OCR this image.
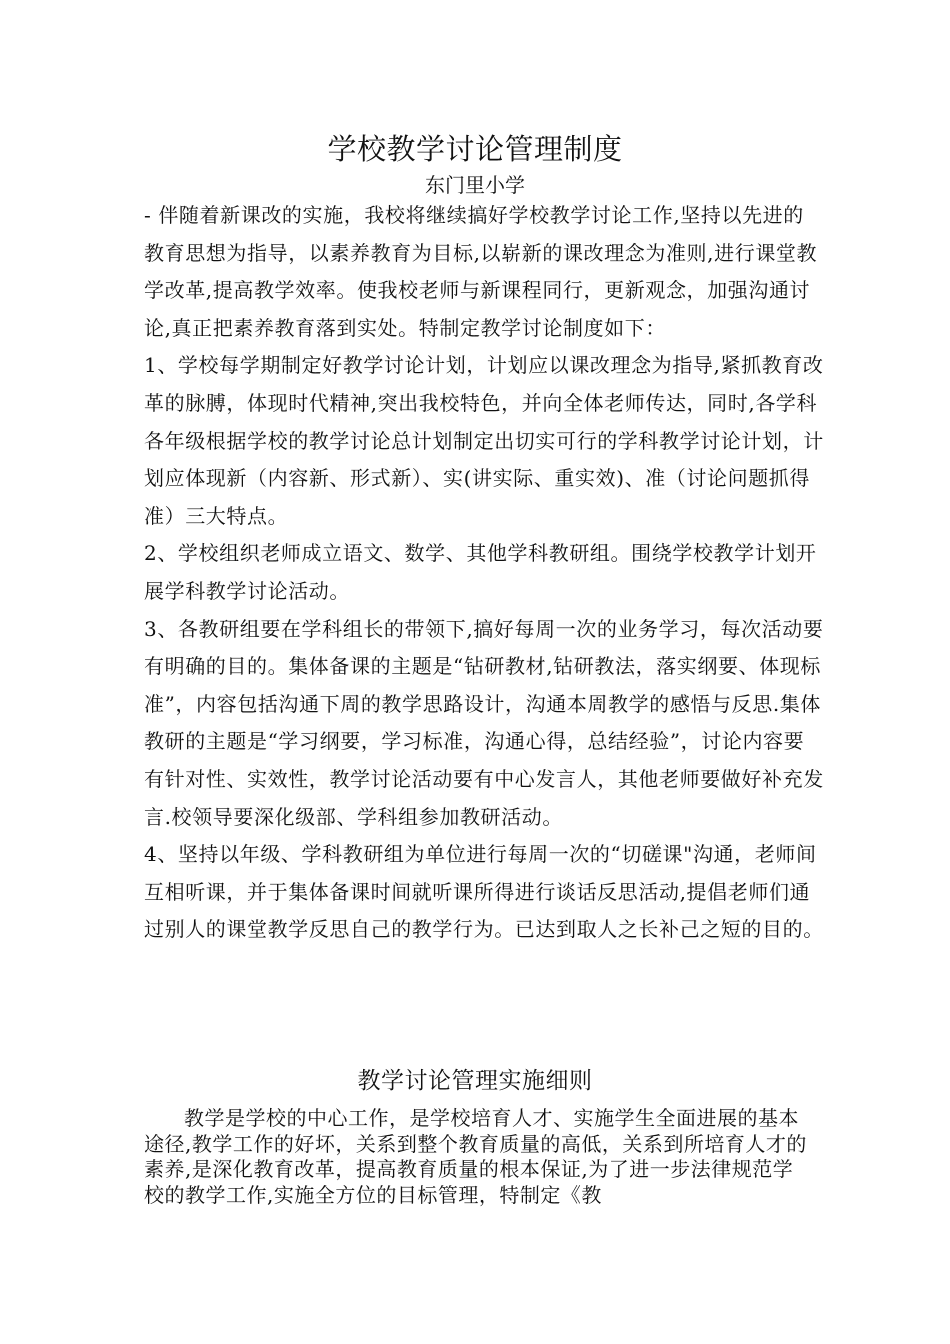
学校教学讨论管理制度
东门里小学

- 伴随着新课改的实施，我校将继续搞好学校教学讨论工作,坚持以先进的教育思想为指导，以素养教育为目标,以崭新的课改理念为准则,进行课堂教学改革,提高教学效率。使我校老师与新课程同行，更新观念，加强沟通讨论,真正把素养教育落到实处。特制定教学讨论制度如下：

1、学校每学期制定好教学讨论计划，计划应以课改理念为指导,紧抓教育改革的脉膊，体现时代精神,突出我校特色，并向全体老师传达，同时,各学科各年级根据学校的教学讨论总计划制定出切实可行的学科教学讨论计划，计划应体现新（内容新、形式新）、实(讲实际、重实效)、准（讨论问题抓得准）三大特点。

2、学校组织老师成立语文、数学、其他学科教研组。围绕学校教学计划开展学科教学讨论活动。

3、各教研组要在学科组长的带领下,搞好每周一次的业务学习，每次活动要有明确的目的。集体备课的主题是“钻研教材,钻研教法，落实纲要、体现标准”，内容包括沟通下周的教学思路设计，沟通本周教学的感悟与反思.集体教研的主题是“学习纲要，学习标准，沟通心得，总结经验”，讨论内容要有针对性、实效性，教学讨论活动要有中心发言人，其他老师要做好补充发言.校领导要深化级部、学科组参加教研活动。

4、坚持以年级、学科教研组为单位进行每周一次的“切磋课"沟通，老师间互相听课，并于集体备课时间就听课所得进行谈话反思活动,提倡老师们通过别人的课堂教学反思自己的教学行为。已达到取人之长补己之短的目的。

教学讨论管理实施细则

教学是学校的中心工作，是学校培育人才、实施学生全面进展的基本途径,教学工作的好坏，关系到整个教育质量的高低，关系到所培育人才的素养,是深化教育改革，提高教育质量的根本保证,为了进一步法律规范学校的教学工作,实施全方位的目标管理，特制定《教
